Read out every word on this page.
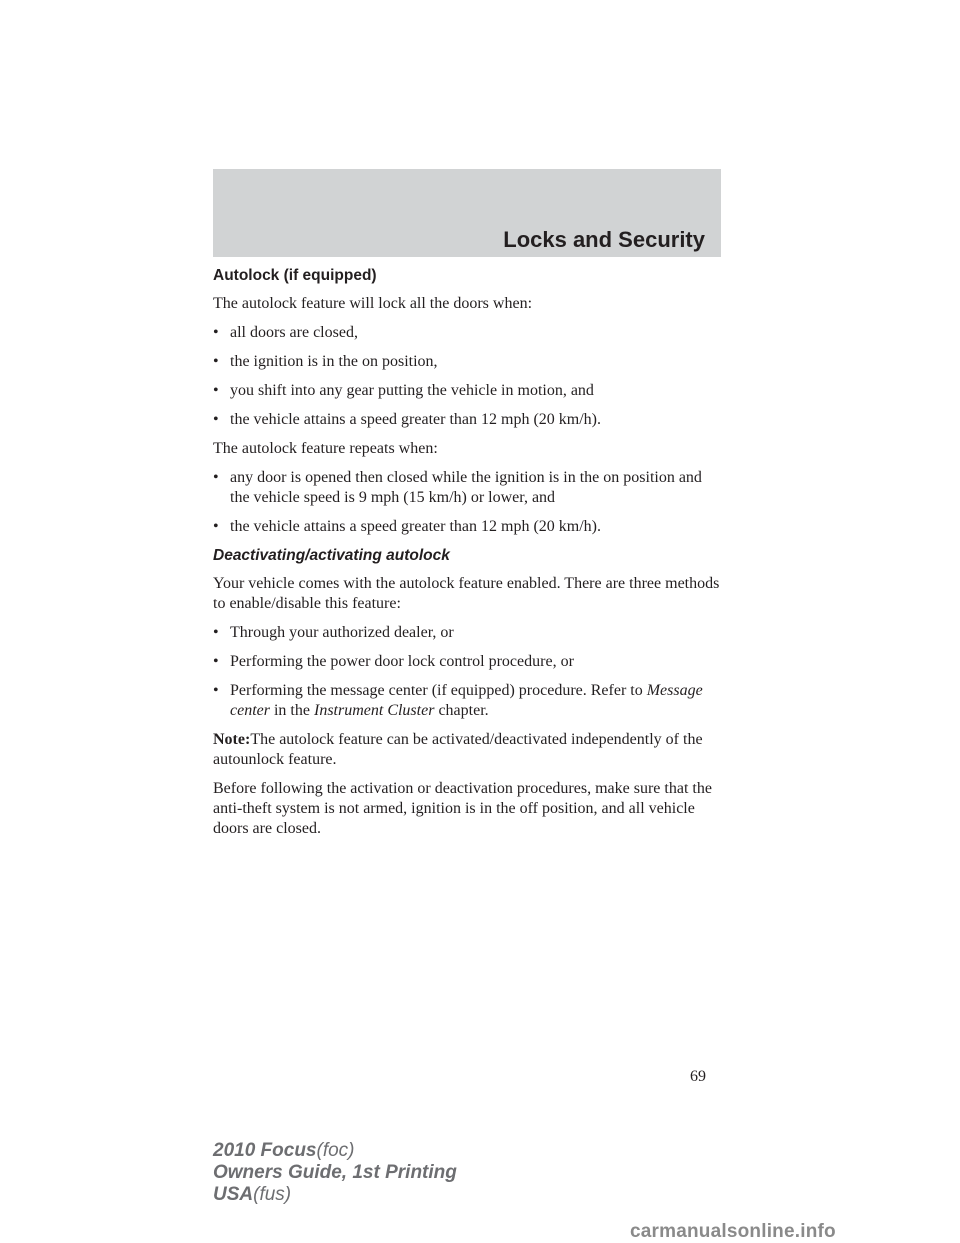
Locks and Security
Autolock (if equipped)

The autolock feature will lock all the doors when:

• all doors are closed,
• the ignition is in the on position,
• you shift into any gear putting the vehicle in motion, and
• the vehicle attains a speed greater than 12 mph (20 km/h).

The autolock feature repeats when:

• any door is opened then closed while the ignition is in the on position and the vehicle speed is 9 mph (15 km/h) or lower, and
• the vehicle attains a speed greater than 12 mph (20 km/h).
Deactivating/activating autolock

Your vehicle comes with the autolock feature enabled. There are three methods to enable/disable this feature:

• Through your authorized dealer, or
• Performing the power door lock control procedure, or
• Performing the message center (if equipped) procedure. Refer to Message center in the Instrument Cluster chapter.

Note:The autolock feature can be activated/deactivated independently of the autounlock feature.

Before following the activation or deactivation procedures, make sure that the anti-theft system is not armed, ignition is in the off position, and all vehicle doors are closed.

69
2010 Focus(foc)
Owners Guide, 1st Printing
USA(fus)
carmanualsonline.info
